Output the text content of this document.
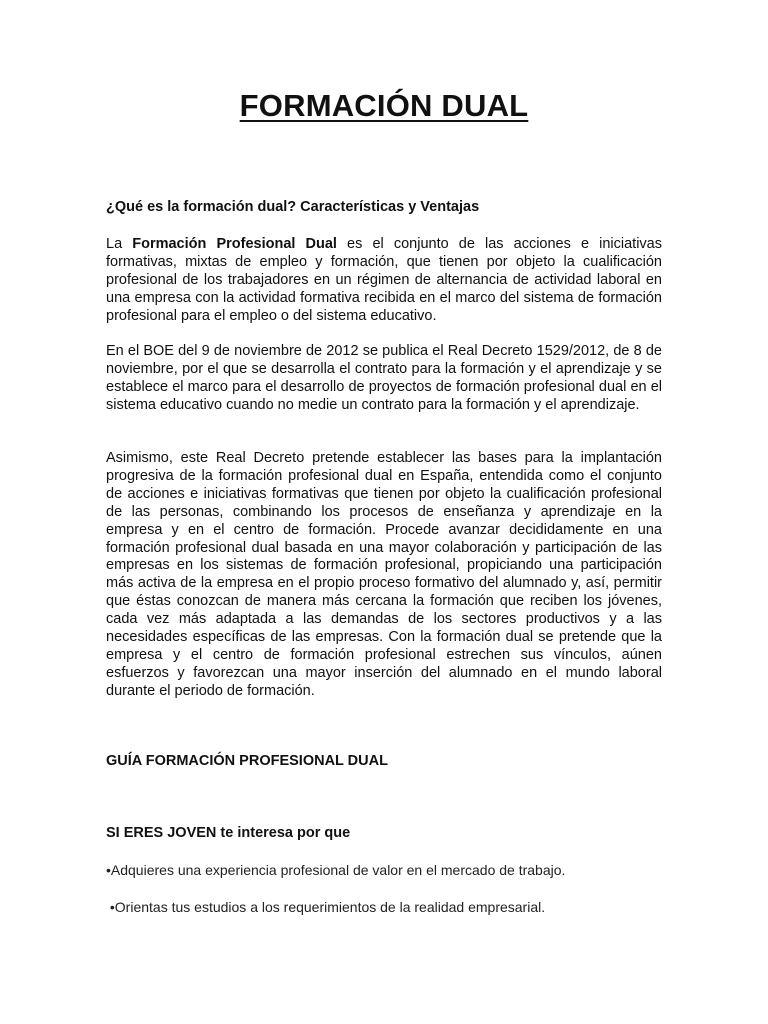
FORMACIÓN DUAL

¿Qué es la formación dual? Características y Ventajas

La Formación Profesional Dual es el conjunto de las acciones e iniciativas formativas, mixtas de empleo y formación, que tienen por objeto la cualificación profesional de los trabajadores en un régimen de alternancia de actividad laboral en una empresa con la actividad formativa recibida en el marco del sistema de formación profesional para el empleo o del sistema educativo.

En el BOE del 9 de noviembre de 2012 se publica el Real Decreto 1529/2012, de 8 de noviembre, por el que se desarrolla el contrato para la formación y el aprendizaje y se establece el marco para el desarrollo de proyectos de formación profesional dual en el sistema educativo cuando no medie un contrato para la formación y el aprendizaje.

Asimismo, este Real Decreto pretende establecer las bases para la implantación progresiva de la formación profesional dual en España, entendida como el conjunto de acciones e iniciativas formativas que tienen por objeto la cualificación profesional de las personas, combinando los procesos de enseñanza y aprendizaje en la empresa y en el centro de formación. Procede avanzar decididamente en una formación profesional dual basada en una mayor colaboración y participación de las empresas en los sistemas de formación profesional, propiciando una participación más activa de la empresa en el propio proceso formativo del alumnado y, así, permitir que éstas conozcan de manera más cercana la formación que reciben los jóvenes, cada vez más adaptada a las demandas de los sectores productivos y a las necesidades específicas de las empresas. Con la formación dual se pretende que la empresa y el centro de formación profesional estrechen sus vínculos, aúnen esfuerzos y favorezcan una mayor inserción del alumnado en el mundo laboral durante el periodo de formación.

GUÍA FORMACIÓN PROFESIONAL DUAL

SI ERES JOVEN te interesa por que

•Adquieres una experiencia profesional de valor en el mercado de trabajo.

•Orientas tus estudios a los requerimientos de la realidad empresarial.
